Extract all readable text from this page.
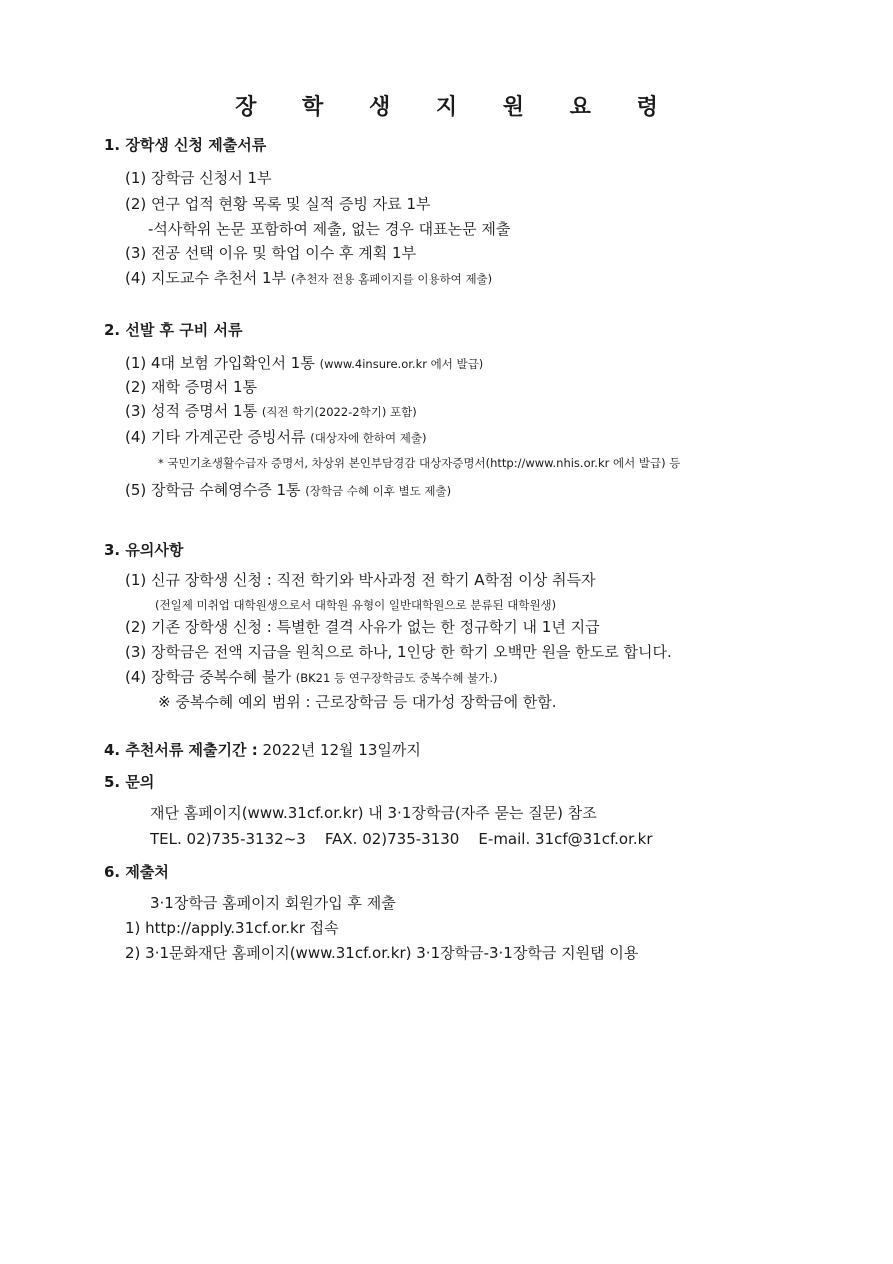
장 학 생 지 원 요 령
1. 장학생 신청 제출서류
(1) 장학금 신청서 1부
(2) 연구 업적 현황 목록 및 실적 증빙 자료 1부
-석사학위 논문 포함하여 제출, 없는 경우 대표논문 제출
(3) 전공 선택 이유 및 학업 이수 후 계획 1부
(4) 지도교수 추천서 1부 (추천자 전용 홈페이지를 이용하여 제출)
2. 선발 후 구비 서류
(1) 4대 보험 가입확인서 1통 (www.4insure.or.kr 에서 발급)
(2) 재학 증명서 1통
(3) 성적 증명서 1통 (직전 학기(2022-2학기) 포함)
(4) 기타 가계곤란 증빙서류 (대상자에 한하여 제출)
* 국민기초생활수급자 증명서, 차상위 본인부담경감 대상자증명서(http://www.nhis.or.kr 에서 발급) 등
(5) 장학금 수혜영수증 1통 (장학금 수혜 이후 별도 제출)
3. 유의사항
(1) 신규 장학생 신청 : 직전 학기와 박사과정 전 학기 A학점 이상 취득자
(전일제 미취업 대학원생으로서 대학원 유형이 일반대학원으로 분류된 대학원생)
(2) 기존 장학생 신청 : 특별한 결격 사유가 없는 한 정규학기 내 1년 지급
(3) 장학금은 전액 지급을 원칙으로 하나, 1인당 한 학기 오백만 원을 한도로 합니다.
(4) 장학금 중복수혜 불가 (BK21 등 연구장학금도 중복수혜 불가.)
※ 중복수혜 예외 범위 : 근로장학금 등 대가성 장학금에 한함.
4. 추천서류 제출기간 : 2022년 12월 13일까지
5. 문의
재단 홈페이지(www.31cf.or.kr) 내 3·1장학금(자주 묻는 질문) 참조
TEL. 02)735-3132~3    FAX. 02)735-3130    E-mail. 31cf@31cf.or.kr
6. 제출처
3·1장학금 홈페이지 회원가입 후 제출
1) http://apply.31cf.or.kr 접속
2) 3·1문화재단 홈페이지(www.31cf.or.kr) 3·1장학금-3·1장학금 지원탭 이용
